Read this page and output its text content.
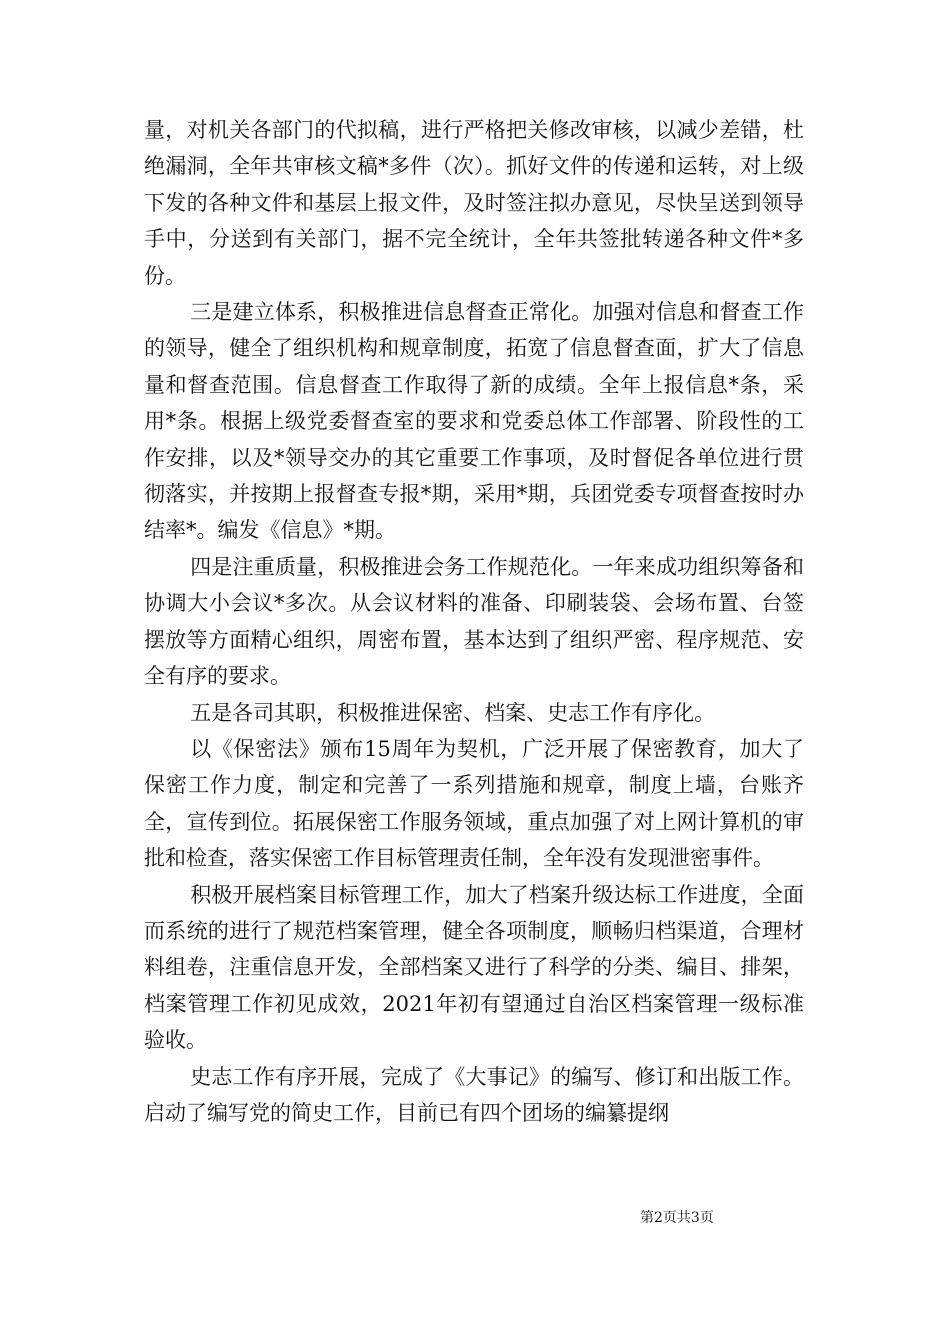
量，对机关各部门的代拟稿，进行严格把关修改审核，以减少差错，杜绝漏洞，全年共审核文稿*多件（次）。抓好文件的传递和运转，对上级下发的各种文件和基层上报文件，及时签注拟办意见，尽快呈送到领导手中，分送到有关部门，据不完全统计，全年共签批转递各种文件*多份。

三是建立体系，积极推进信息督查正常化。加强对信息和督查工作的领导，健全了组织机构和规章制度，拓宽了信息督查面，扩大了信息量和督查范围。信息督查工作取得了新的成绩。全年上报信息*条，采用*条。根据上级党委督查室的要求和党委总体工作部署、阶段性的工作安排，以及*领导交办的其它重要工作事项，及时督促各单位进行贯彻落实，并按期上报督查专报*期，采用*期，兵团党委专项督查按时办结率*。编发《信息》*期。

四是注重质量，积极推进会务工作规范化。一年来成功组织筹备和协调大小会议*多次。从会议材料的准备、印刷装袋、会场布置、台签摆放等方面精心组织，周密布置，基本达到了组织严密、程序规范、安全有序的要求。

五是各司其职，积极推进保密、档案、史志工作有序化。

以《保密法》颁布15周年为契机，广泛开展了保密教育，加大了保密工作力度，制定和完善了一系列措施和规章，制度上墙，台账齐全，宣传到位。拓展保密工作服务领域，重点加强了对上网计算机的审批和检查，落实保密工作目标管理责任制，全年没有发现泄密事件。

积极开展档案目标管理工作，加大了档案升级达标工作进度，全面而系统的进行了规范档案管理，健全各项制度，顺畅归档渠道，合理材料组卷，注重信息开发，全部档案又进行了科学的分类、编目、排架，档案管理工作初见成效，2021年初有望通过自治区档案管理一级标准验收。

史志工作有序开展，完成了《大事记》的编写、修订和出版工作。启动了编写党的简史工作，目前已有四个团场的编纂提纲

第2页共3页
